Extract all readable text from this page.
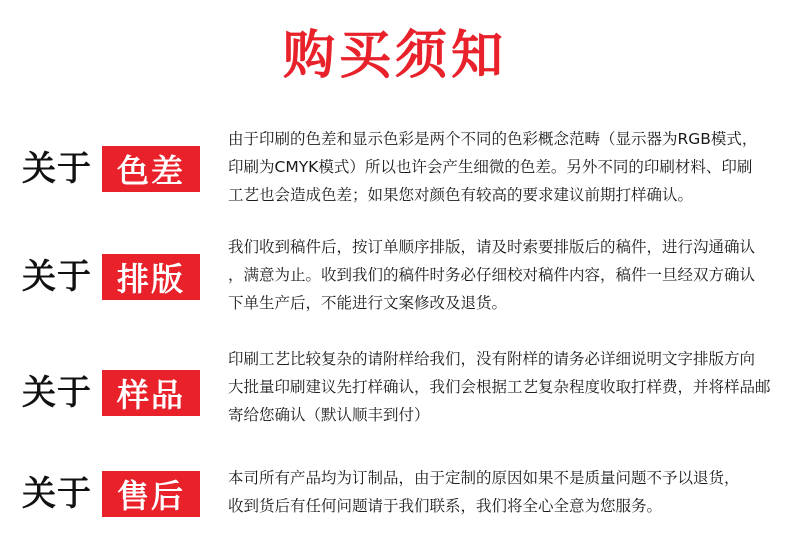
购买须知
关于 色差
由于印刷的色差和显示色彩是两个不同的色彩概念范畴（显示器为RGB模式，
印刷为CMYK模式）所以也许会产生细微的色差。另外不同的印刷材料、印刷
工艺也会造成色差；如果您对颜色有较高的要求建议前期打样确认。
关于 排版
我们收到稿件后，按订单顺序排版，请及时索要排版后的稿件，进行沟通确认
，满意为止。收到我们的稿件时务必仔细校对稿件内容，稿件一旦经双方确认
下单生产后，不能进行文案修改及退货。
关于 样品
印刷工艺比较复杂的请附样给我们，没有附样的请务必详细说明文字排版方向
大批量印刷建议先打样确认，我们会根据工艺复杂程度收取打样费，并将样品邮
寄给您确认（默认顺丰到付）
关于 售后	本司所有产品均为订制品，由于定制的原因如果不是质量问题不予以退货，
收到货后有任何问题请于我们联系，我们将全心全意为您服务。
